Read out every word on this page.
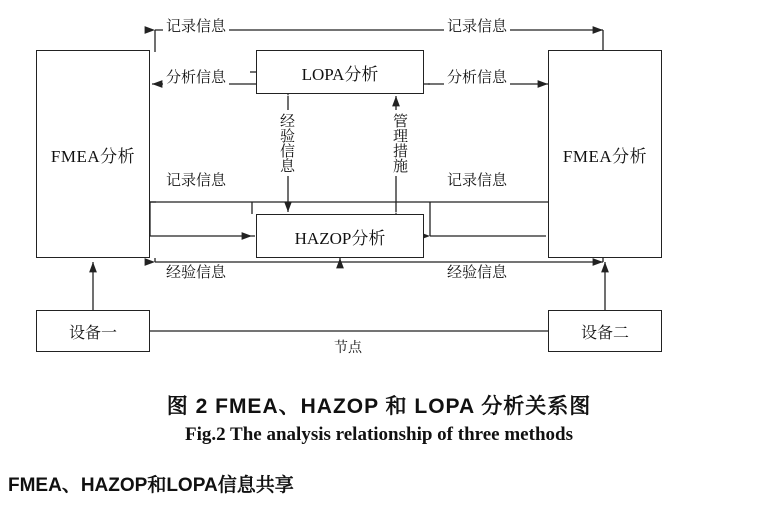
FMEA分析	FMEA分析
LOPA分析
HAZOP分析
设备一	设备二
记录信息	记录信息
分析信息	分析信息
记录信息	记录信息
经验信息	经验信息
经验信息	管理措施
节点
图 2 FMEA、HAZOP 和 LOPA 分析关系图
Fig.2 The analysis relationship of three methods
FMEA、HAZOP和LOPA信息共享
